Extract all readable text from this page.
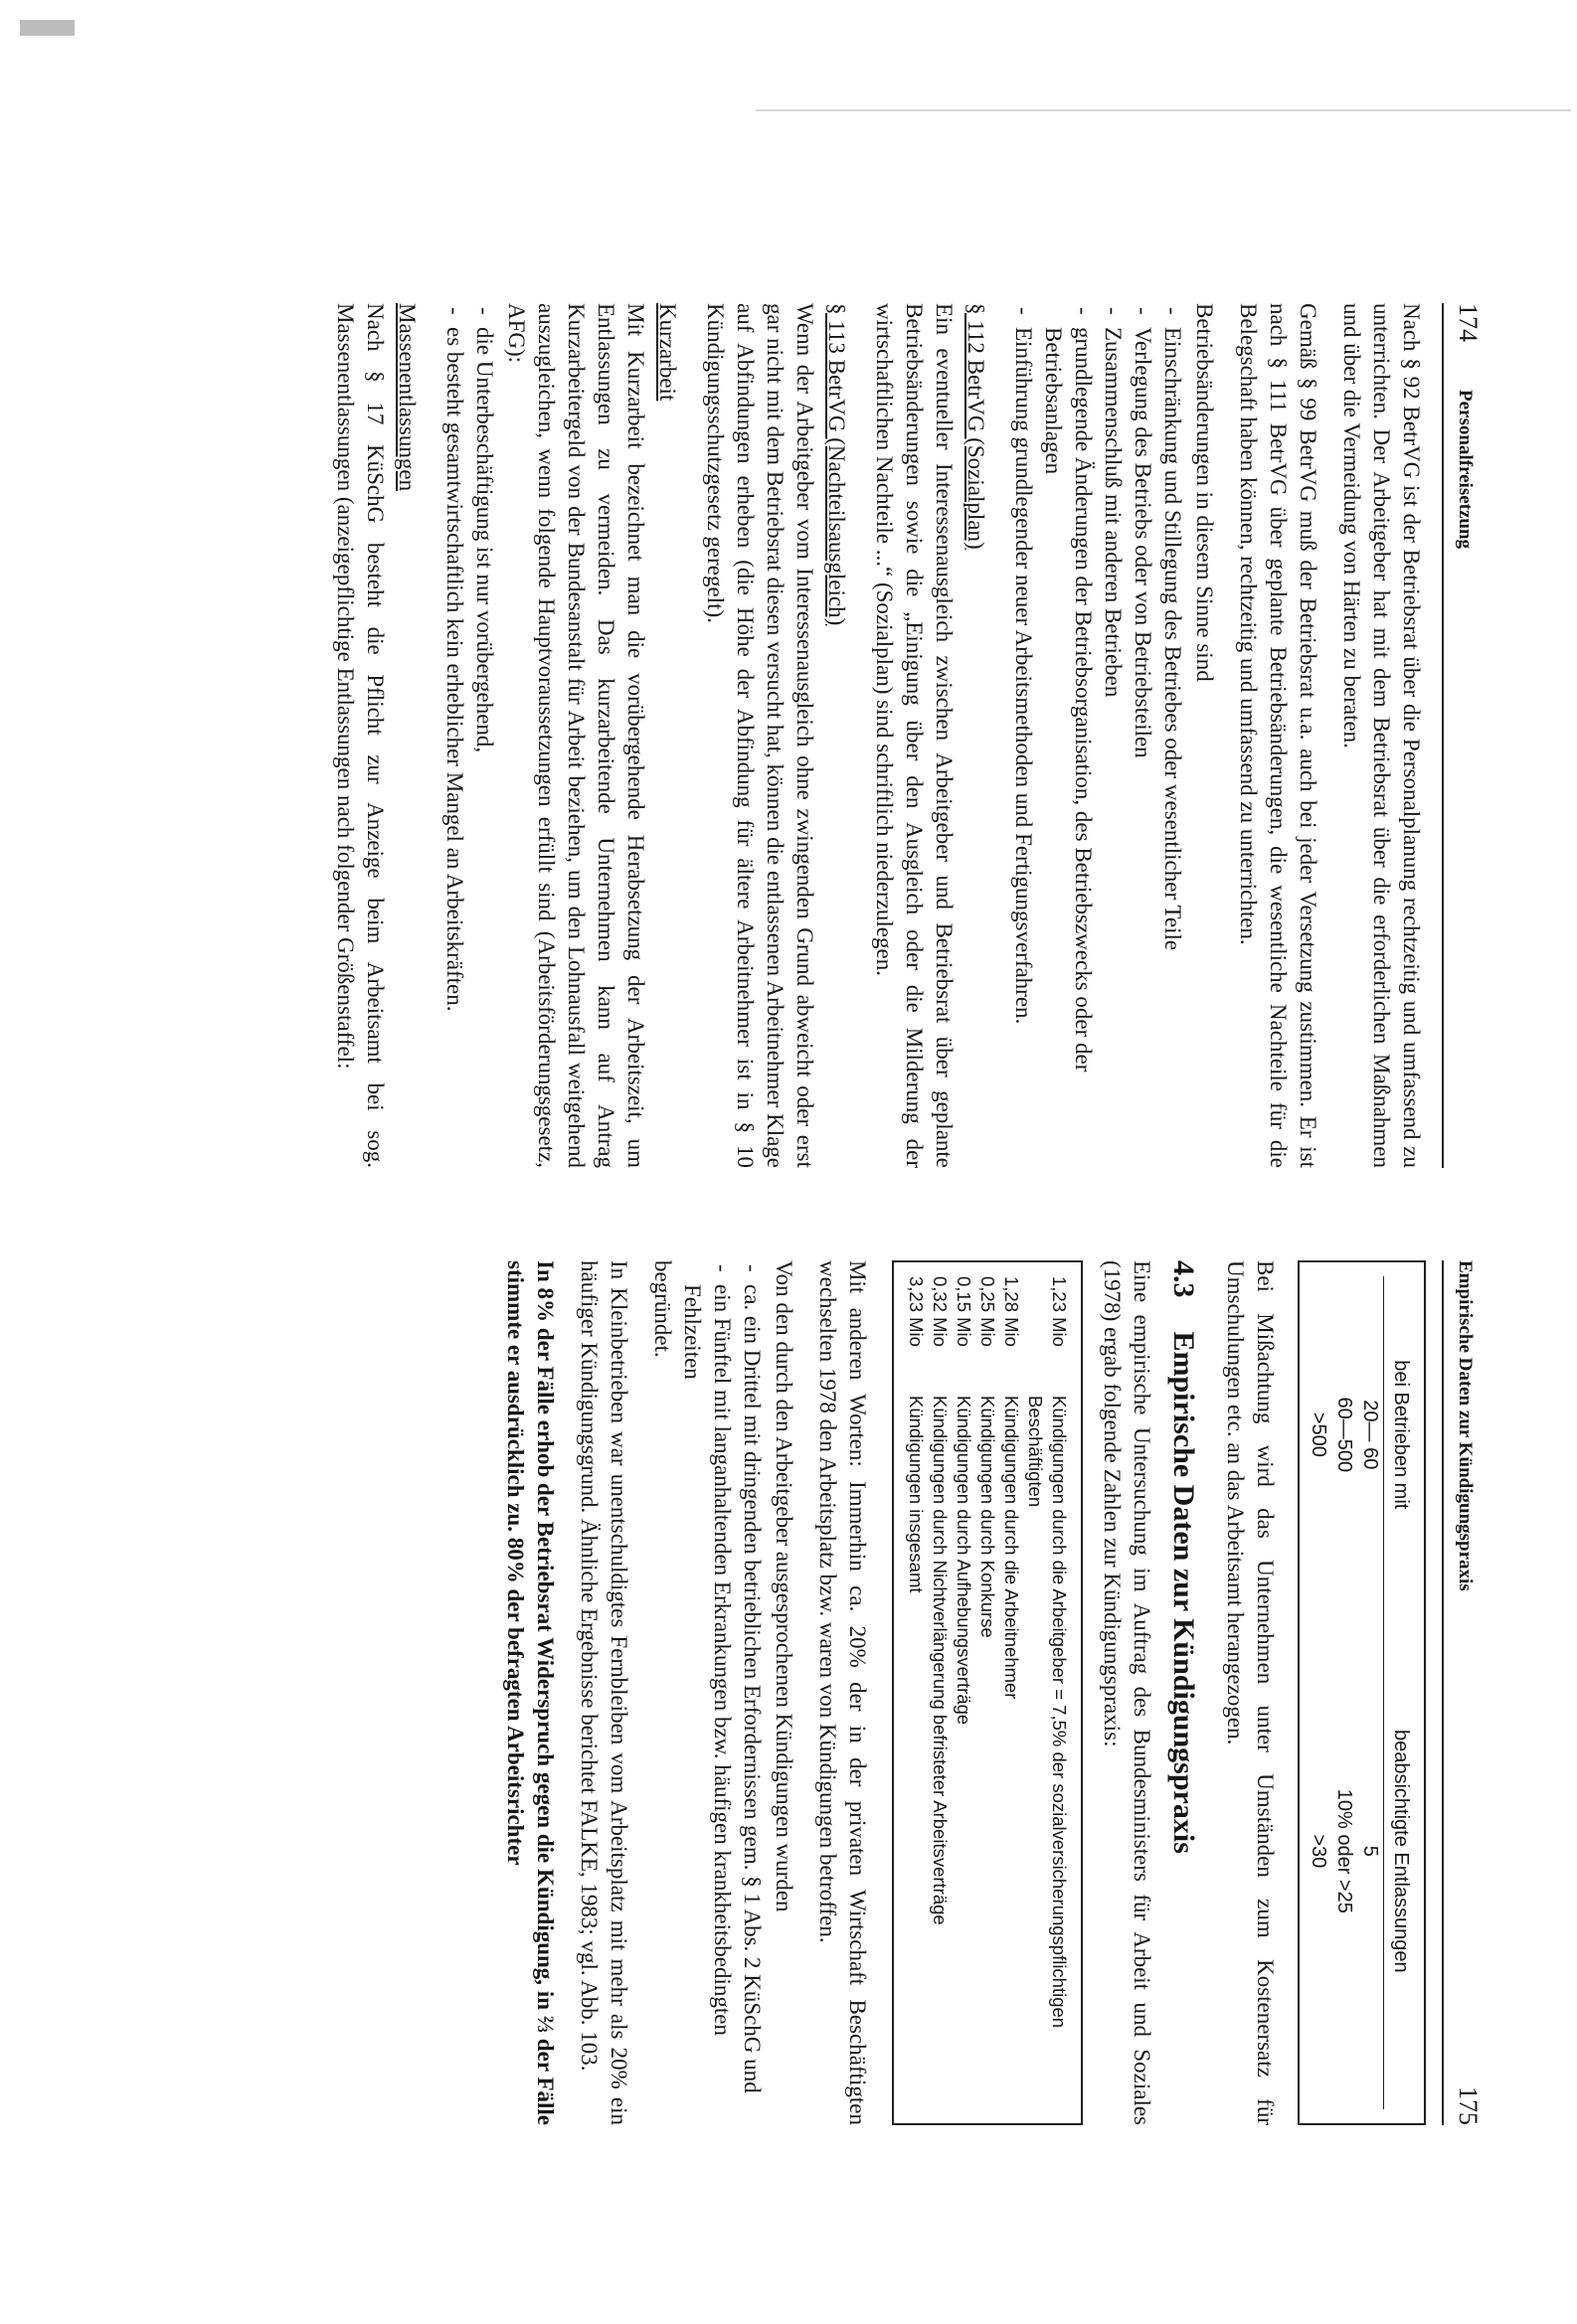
174
Personalfreisetzung

Nach § 92 BetrVG ist der Betriebsrat über die Personalplanung rechtzeitig und umfassend zu unterrichten. Der Arbeitgeber hat mit dem Betriebsrat über die erforderlichen Maßnahmen und über die Vermeidung von Härten zu beraten.

Gemäß § 99 BetrVG muß der Betriebsrat u.a. auch bei jeder Versetzung zustimmen. Er ist nach § 111 BetrVG über geplante Betriebsänderungen, die wesentliche Nachteile für die Belegschaft haben können, rechtzeitig und umfassend zu unterrichten.

Betriebsänderungen in diesem Sinne sind

- Einschränkung und Stillegung des Betriebes oder wesentlicher Teile
- Verlegung des Betriebs oder von Betriebsteilen
- Zusammenschluß mit anderen Betrieben
- grundlegende Änderungen der Betriebsorganisation, des Betriebszwecks oder der Betriebsanlagen
- Einführung grundlegender neuer Arbeitsmethoden und Fertigungsverfahren.
§ 112 BetrVG (Sozialplan)

Ein eventueller Interessenausgleich zwischen Arbeitgeber und Betriebsrat über geplante Betriebsänderungen sowie die „Einigung über den Ausgleich oder die Milderung der wirtschaftlichen Nachteile ...“ (Sozialplan) sind schriftlich niederzulegen.

§ 113 BetrVG (Nachteilsausgleich)

Wenn der Arbeitgeber vom Interessenausgleich ohne zwingenden Grund abweicht oder erst gar nicht mit dem Betriebsrat diesen versucht hat, können die entlassenen Arbeitnehmer Klage auf Abfindungen erheben (die Höhe der Abfindung für ältere Arbeitnehmer ist in § 10 Kündigungsschutzgesetz geregelt).

Kurzarbeit

Mit Kurzarbeit bezeichnet man die vorübergehende Herabsetzung der Arbeitszeit, um Entlassungen zu vermeiden. Das kurzarbeitende Unternehmen kann auf Antrag Kurzarbeitergeld von der Bundesanstalt für Arbeit beziehen, um den Lohnausfall weitgehend auszugleichen, wenn folgende Hauptvoraussetzungen erfüllt sind (Arbeitsförderungsgesetz, AFG):

- die Unterbeschäftigung ist nur vorübergehend,
- es besteht gesamtwirtschaftlich kein erheblicher Mangel an Arbeitskräften.
Massenentlassungen

Nach § 17 KüSchG besteht die Pflicht zur Anzeige beim Arbeitsamt bei sog. Massenentlassungen (anzeigepflichtige Entlassungen nach folgender Größenstaffel:

Empirische Daten zur Kündigungspraxis
175
bei Betrieben mit	beabsichtigte Entlassungen
20— 60	5
60—500	10% oder >25
>500	>30

Bei Mißachtung wird das Unternehmen unter Umständen zum Kostenersatz für Umschulungen etc. an das Arbeitsamt herangezogen.

4.3
Empirische Daten zur Kündigungspraxis

Eine empirische Untersuchung im Auftrag des Bundesministers für Arbeit und Soziales (1978) ergab folgende Zahlen zur Kündigungspraxis:

1,23 Mio
Kündigungen durch die Arbeitgeber = 7,5% der sozialversicherungspflichtigen Beschäftigten
1,28 Mio
Kündigungen durch die Arbeitnehmer
0,25 Mio
Kündigungen durch Konkurse
0,15 Mio
Kündigungen durch Aufhebungsverträge
0,32 Mio
Kündigungen durch Nichtverlängerung befristeter Arbeitsverträge
3,23 Mio
Kündigungen insgesamt

Mit anderen Worten: Immerhin ca. 20% der in der privaten Wirtschaft Beschäftigten wechselten 1978 den Arbeitsplatz bzw. waren von Kündigungen betroffen.

Von den durch den Arbeitgeber ausgesprochenen Kündigungen wurden

- ca. ein Drittel mit dringenden betrieblichen Erfordernissen gem. § 1 Abs. 2 KüSchG und
- ein Fünftel mit langanhaltenden Erkrankungen bzw. häufigen krankheitsbedingten Fehlzeiten

begründet.

In Kleinbetrieben war unentschuldigtes Fernbleiben vom Arbeitsplatz mit mehr als 20% ein häufiger Kündigungsgrund. Ähnliche Ergebnisse berichtet FALKE, 1983; vgl. Abb. 103.

In 8% der Fälle erhob der Betriebsrat Widerspruch gegen die Kündigung, in ⅔ der Fälle stimmte er ausdrücklich zu. 80% der befragten Arbeitsrichter
